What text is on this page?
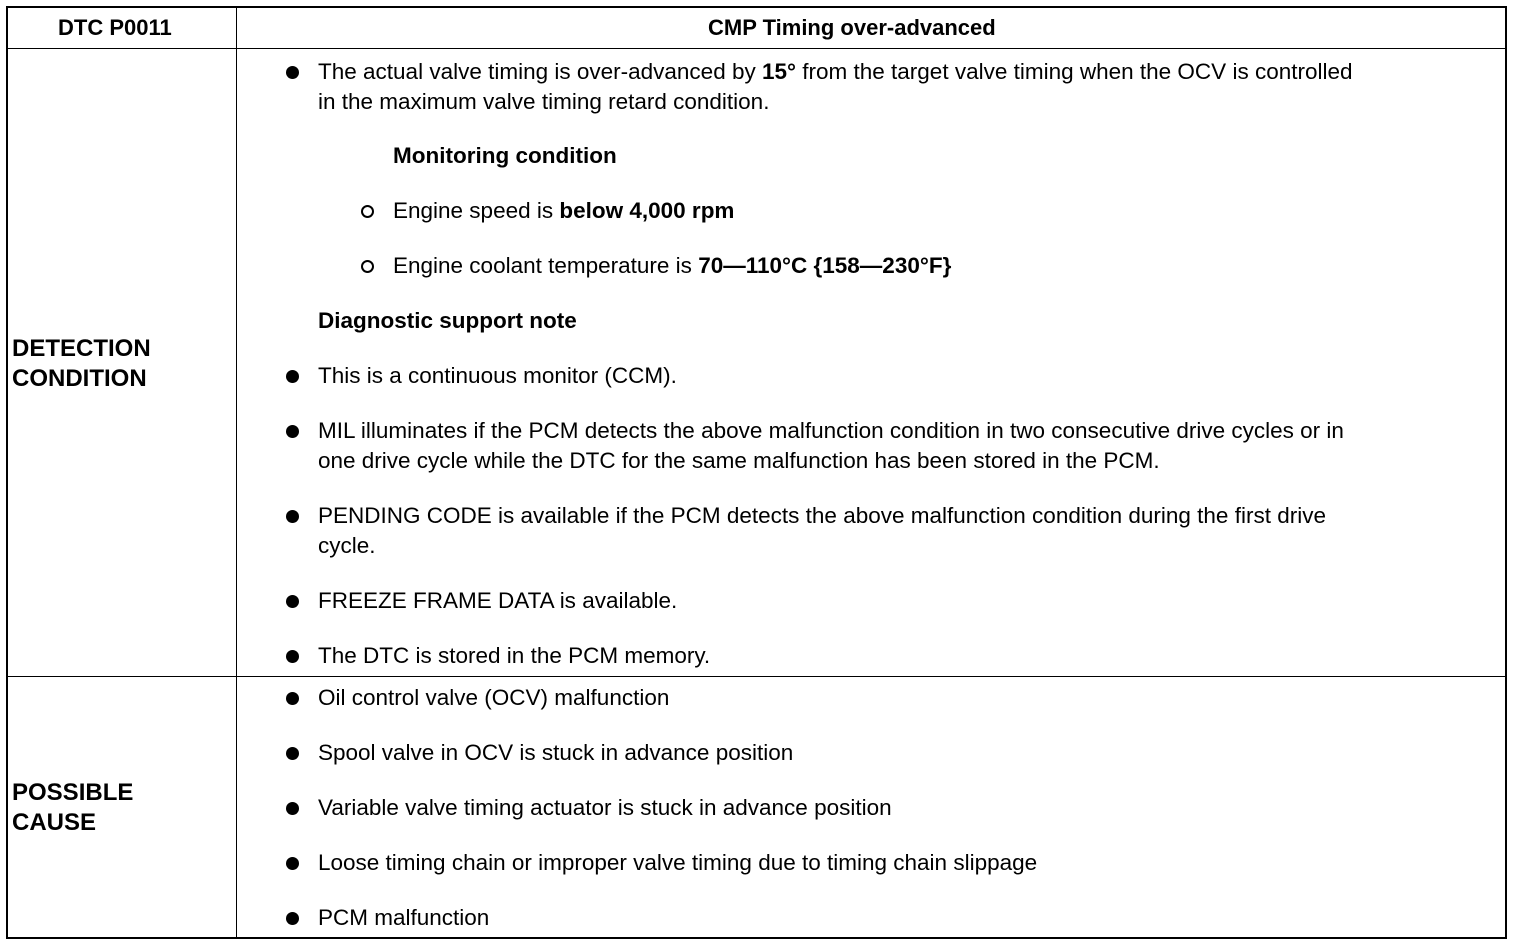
DTC P0011	CMP Timing over-advanced
DETECTION
CONDITION
The actual valve timing is over-advanced by 15° from the target valve timing when the OCV is controlled
in the maximum valve timing retard condition.
Monitoring condition
Engine speed is below 4,000 rpm
Engine coolant temperature is 70—110°C {158—230°F}
Diagnostic support note
This is a continuous monitor (CCM).
MIL illuminates if the PCM detects the above malfunction condition in two consecutive drive cycles or in
one drive cycle while the DTC for the same malfunction has been stored in the PCM.
PENDING CODE is available if the PCM detects the above malfunction condition during the first drive
cycle.
FREEZE FRAME DATA is available.
The DTC is stored in the PCM memory.
POSSIBLE
CAUSE
Oil control valve (OCV) malfunction
Spool valve in OCV is stuck in advance position
Variable valve timing actuator is stuck in advance position
Loose timing chain or improper valve timing due to timing chain slippage
PCM malfunction
